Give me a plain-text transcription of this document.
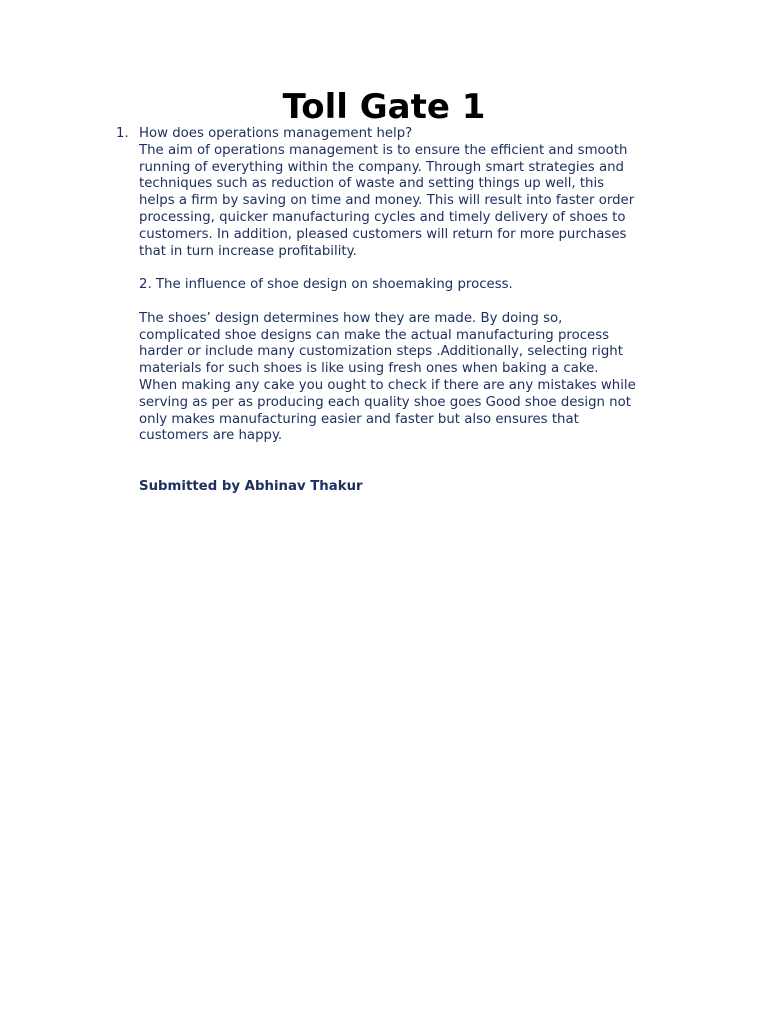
Toll Gate 1
1. How does operations management help?
The aim of operations management is to ensure the efficient and smooth
running of everything within the company. Through smart strategies and
techniques such as reduction of waste and setting things up well, this
helps a firm by saving on time and money. This will result into faster order
processing, quicker manufacturing cycles and timely delivery of shoes to
customers. In addition, pleased customers will return for more purchases
that in turn increase profitability.
2. The influence of shoe design on shoemaking process.
The shoes’ design determines how they are made. By doing so,
complicated shoe designs can make the actual manufacturing process
harder or include many customization steps .Additionally, selecting right
materials for such shoes is like using fresh ones when baking a cake.
When making any cake you ought to check if there are any mistakes while
serving as per as producing each quality shoe goes Good shoe design not
only makes manufacturing easier and faster but also ensures that
customers are happy.
Submitted by Abhinav Thakur
